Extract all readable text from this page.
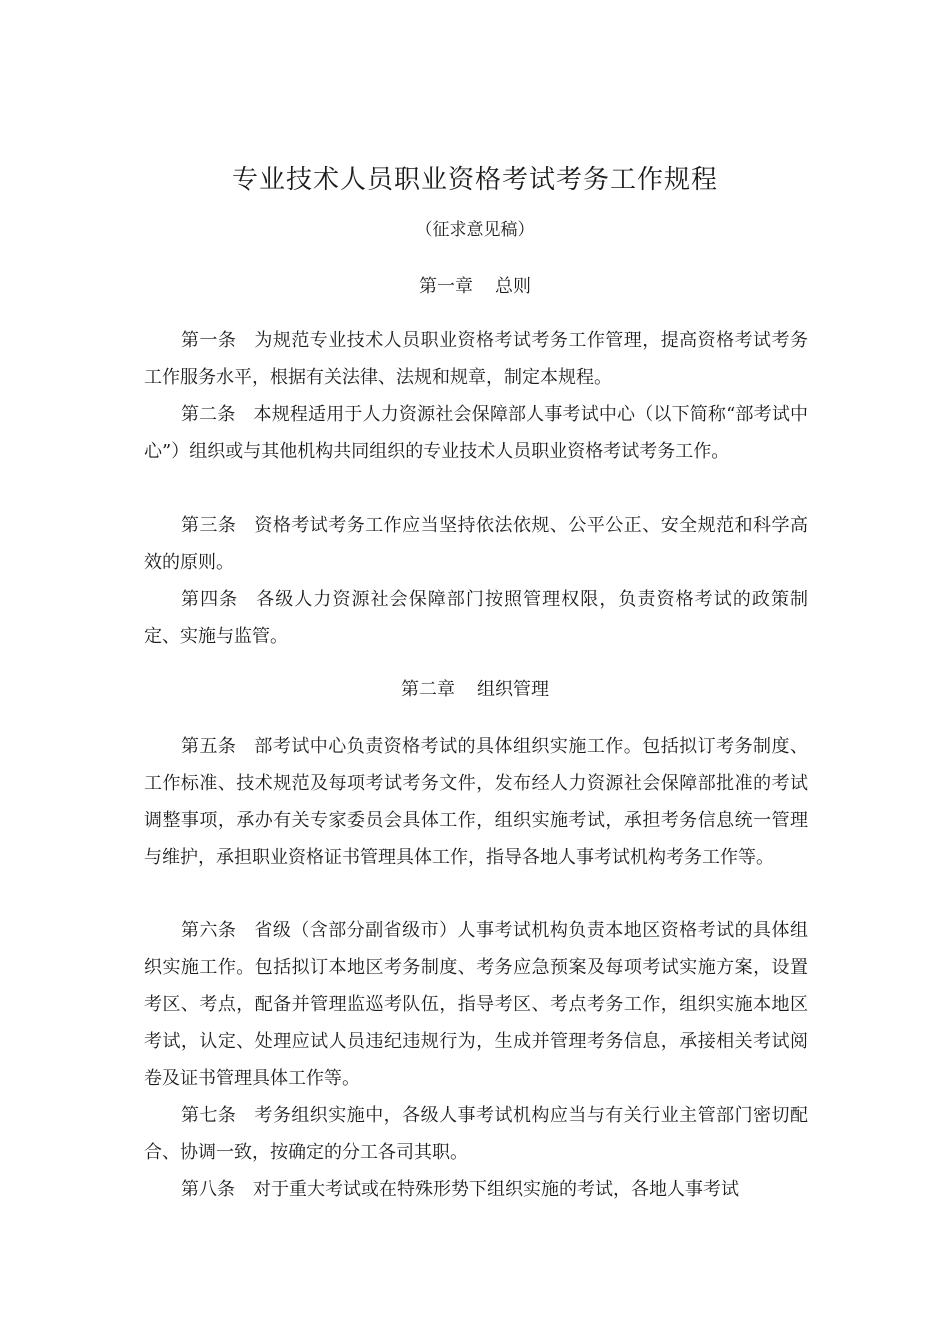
专业技术人员职业资格考试考务工作规程
（征求意见稿）
第一章 总则

第一条 为规范专业技术人员职业资格考试考务工作管理，提高资格考试考务工作服务水平，根据有关法律、法规和规章，制定本规程。

第二条 本规程适用于人力资源社会保障部人事考试中心（以下简称“部考试中心”）组织或与其他机构共同组织的专业技术人员职业资格考试考务工作。

第三条 资格考试考务工作应当坚持依法依规、公平公正、安全规范和科学高效的原则。

第四条 各级人力资源社会保障部门按照管理权限，负责资格考试的政策制定、实施与监管。

第二章 组织管理

第五条 部考试中心负责资格考试的具体组织实施工作。包括拟订考务制度、工作标准、技术规范及每项考试考务文件，发布经人力资源社会保障部批准的考试调整事项，承办有关专家委员会具体工作，组织实施考试，承担考务信息统一管理与维护，承担职业资格证书管理具体工作，指导各地人事考试机构考务工作等。

第六条 省级（含部分副省级市）人事考试机构负责本地区资格考试的具体组织实施工作。包括拟订本地区考务制度、考务应急预案及每项考试实施方案，设置考区、考点，配备并管理监巡考队伍，指导考区、考点考务工作，组织实施本地区考试，认定、处理应试人员违纪违规行为，生成并管理考务信息，承接相关考试阅卷及证书管理具体工作等。

第七条 考务组织实施中，各级人事考试机构应当与有关行业主管部门密切配合、协调一致，按确定的分工各司其职。

第八条 对于重大考试或在特殊形势下组织实施的考试，各地人事考试
